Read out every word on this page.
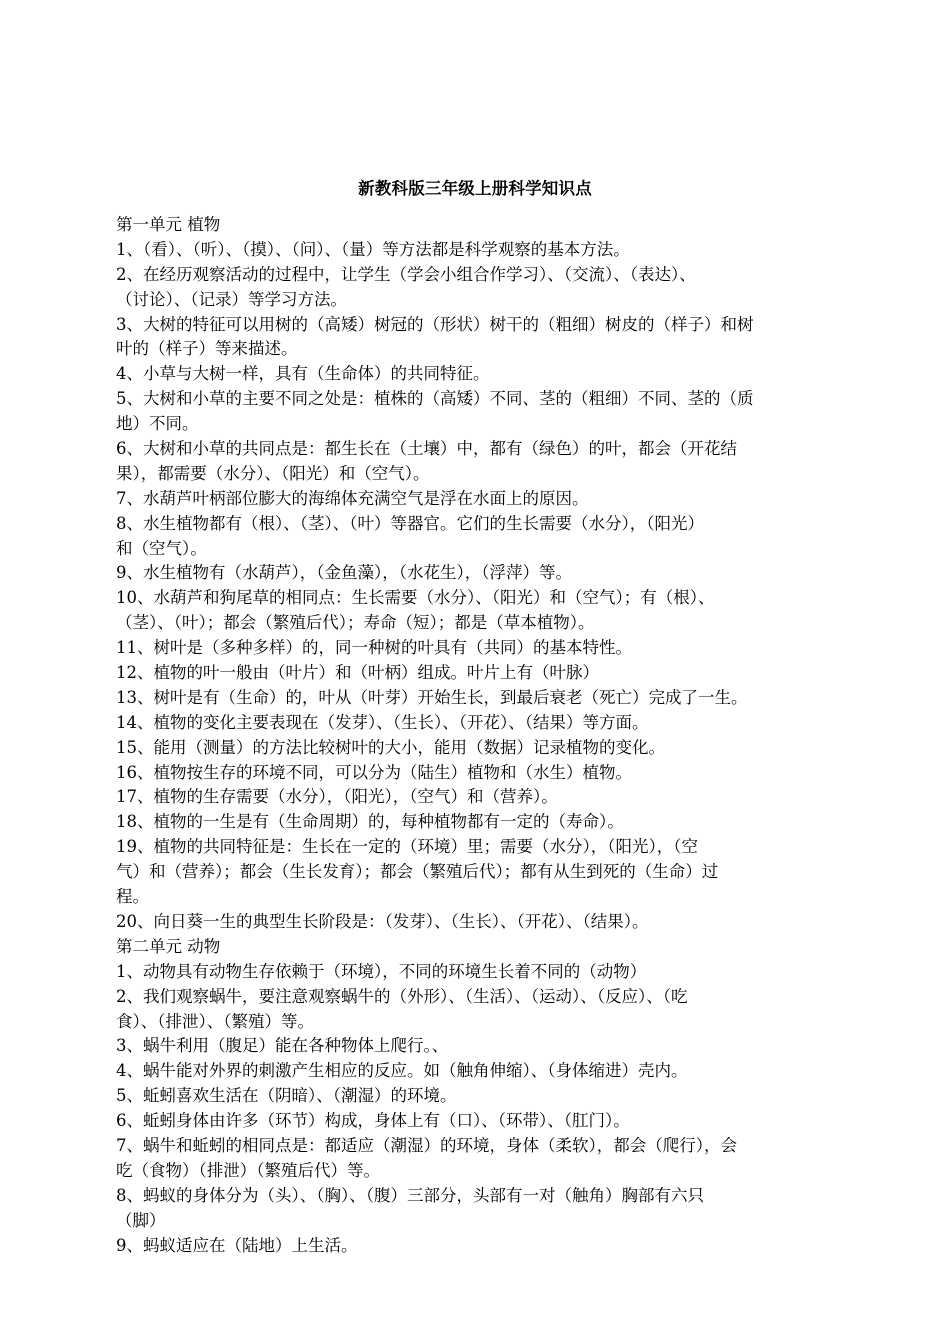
新教科版三年级上册科学知识点
第一单元 植物
1、（看）、（听）、（摸）、（问）、（量）等方法都是科学观察的基本方法。
2、在经历观察活动的过程中，让学生（学会小组合作学习）、（交流）、（表达）、
（讨论）、（记录）等学习方法。
3、大树的特征可以用树的（高矮）树冠的（形状）树干的（粗细）树皮的（样子）和树
叶的（样子）等来描述。
4、小草与大树一样，具有（生命体）的共同特征。
5、大树和小草的主要不同之处是：植株的（高矮）不同、茎的（粗细）不同、茎的（质
地）不同。
6、大树和小草的共同点是：都生长在（土壤）中，都有（绿色）的叶，都会（开花结
果），都需要（水分）、（阳光）和（空气）。
7、水葫芦叶柄部位膨大的海绵体充满空气是浮在水面上的原因。
8、水生植物都有（根）、（茎）、（叶）等器官。它们的生长需要（水分），（阳光）
和（空气）。
9、水生植物有（水葫芦），（金鱼藻），（水花生），（浮萍）等。
10、水葫芦和狗尾草的相同点：生长需要（水分）、（阳光）和（空气）；有（根）、
（茎）、（叶）；都会（繁殖后代）；寿命（短）；都是（草本植物）。
11、树叶是（多种多样）的，同一种树的叶具有（共同）的基本特性。
12、植物的叶一般由（叶片）和（叶柄）组成。叶片上有（叶脉）
13、树叶是有（生命）的，叶从（叶芽）开始生长，到最后衰老（死亡）完成了一生。
14、植物的变化主要表现在（发芽）、（生长）、（开花）、（结果）等方面。
15、能用（测量）的方法比较树叶的大小，能用（数据）记录植物的变化。
16、植物按生存的环境不同，可以分为（陆生）植物和（水生）植物。
17、植物的生存需要（水分），（阳光），（空气）和（营养）。
18、植物的一生是有（生命周期）的，每种植物都有一定的（寿命）。
19、植物的共同特征是：生长在一定的（环境）里；需要（水分），（阳光），（空
气）和（营养）；都会（生长发育）；都会（繁殖后代）；都有从生到死的（生命）过
程。
20、向日葵一生的典型生长阶段是：（发芽）、（生长）、（开花）、（结果）。
第二单元 动物
1、动物具有动物生存依赖于（环境），不同的环境生长着不同的（动物）
2、我们观察蜗牛，要注意观察蜗牛的（外形）、（生活）、（运动）、（反应）、（吃
食）、（排泄）、（繁殖）等。
3、蜗牛利用（腹足）能在各种物体上爬行。、
4、蜗牛能对外界的刺激产生相应的反应。如（触角伸缩）、（身体缩进）壳内。
5、蚯蚓喜欢生活在（阴暗）、（潮湿）的环境。
6、蚯蚓身体由许多（环节）构成，身体上有（口）、（环带）、（肛门）。
7、蜗牛和蚯蚓的相同点是：都适应（潮湿）的环境，身体（柔软），都会（爬行），会
吃（食物）（排泄）（繁殖后代）等。
8、蚂蚁的身体分为（头）、（胸）、（腹）三部分，头部有一对（触角）胸部有六只
（脚）
9、蚂蚁适应在（陆地）上生活。
